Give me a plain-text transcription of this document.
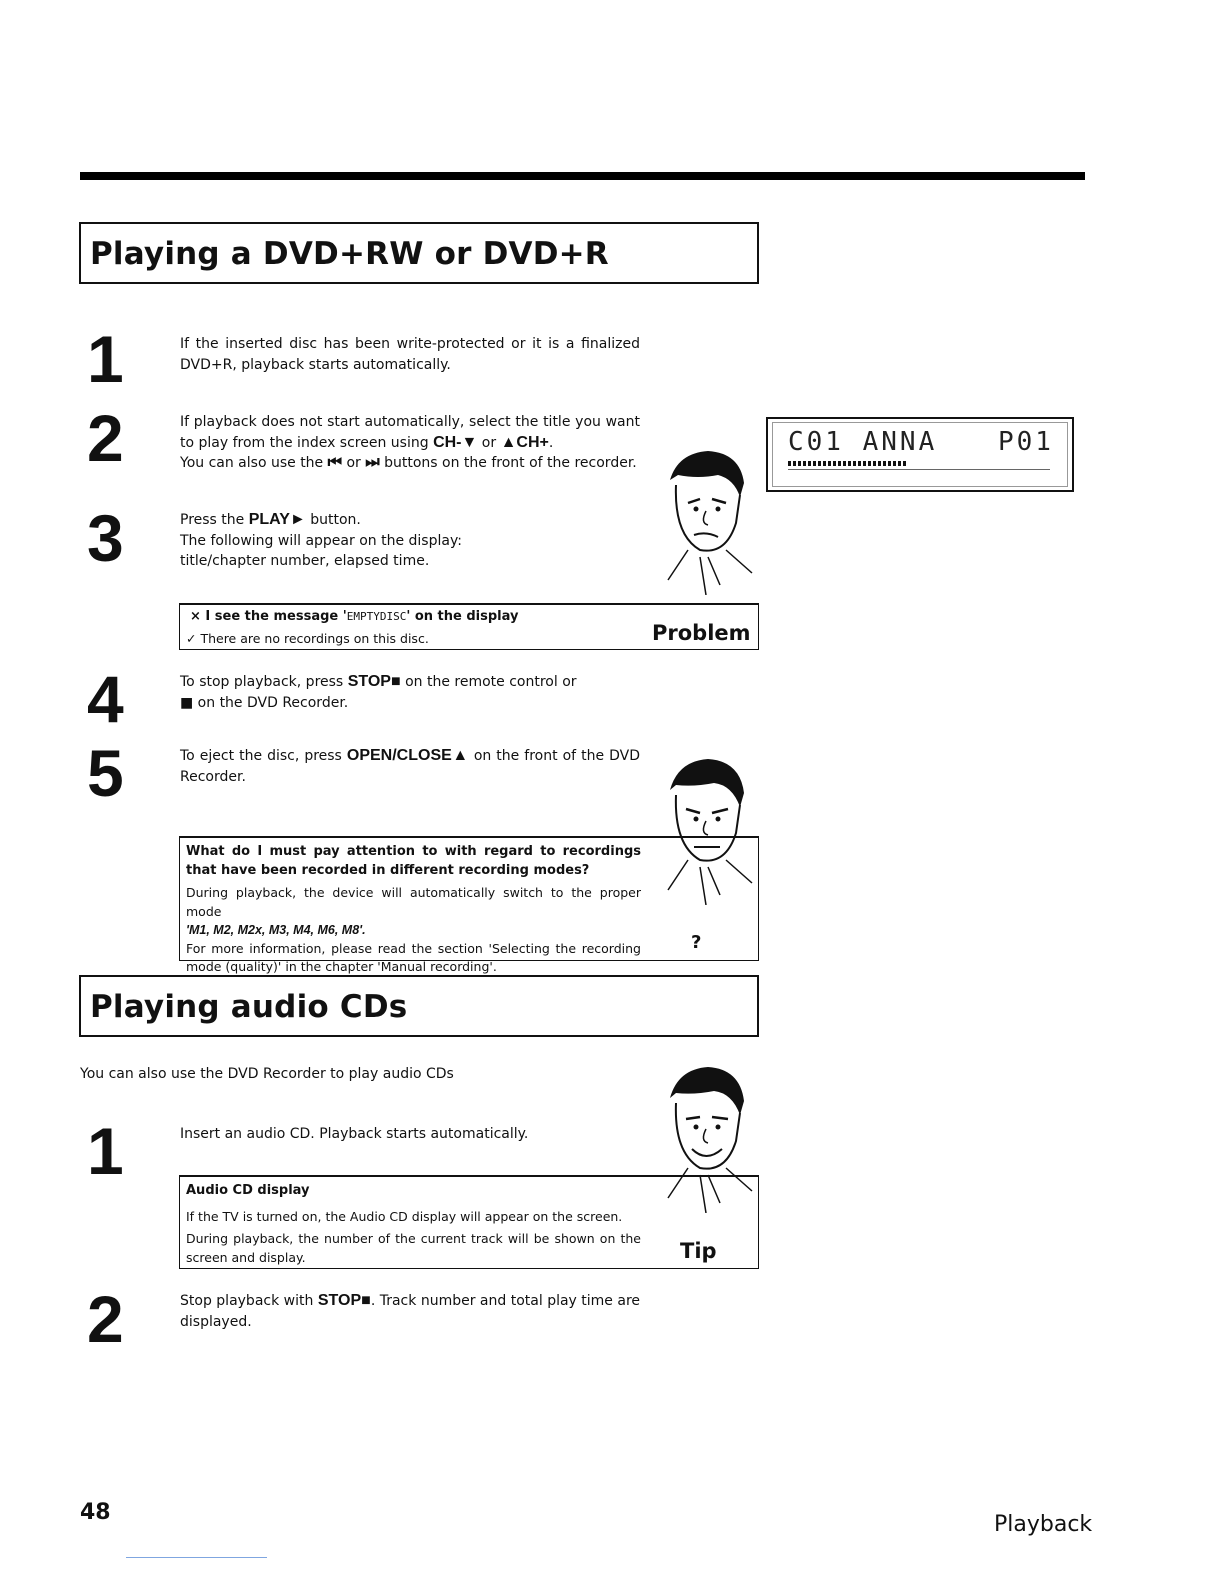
Playing a DVD+RW or DVD+R
1	If the inserted disc has been write-protected or it is a finalized DVD+R, playback starts automatically.
2	If playback does not start automatically, select the title you want to play from the index screen using CH-▼ or ▲CH+.
You can also use the ⏮ or ⏭ buttons on the front of the recorder.
3	Press the PLAY► button.
The following will appear on the display:
title/chapter number, elapsed time.
C01 ANNA P01
× I see the message 'EMPTYDISC' on the display
✓ There are no recordings on this disc.	Problem
4	To stop playback, press STOP■ on the remote control or
■ on the DVD Recorder.
5	To eject the disc, press OPEN/CLOSE▲ on the front of the DVD Recorder.
What do I must pay attention to with regard to recordings that have been recorded in different recording modes?
During playback, the device will automatically switch to the proper mode
'M1, M2, M2x, M3, M4, M6, M8'.
For more information, please read the section 'Selecting the recording mode (quality)' in the chapter 'Manual recording'.
?
Playing audio CDs
You can also use the DVD Recorder to play audio CDs
1	Insert an audio CD. Playback starts automatically.
Audio CD display
If the TV is turned on, the Audio CD display will appear on the screen.
During playback, the number of the current track will be shown on the screen and display.	Tip
2	Stop playback with STOP■. Track number and total play time are displayed.
48	Playback
